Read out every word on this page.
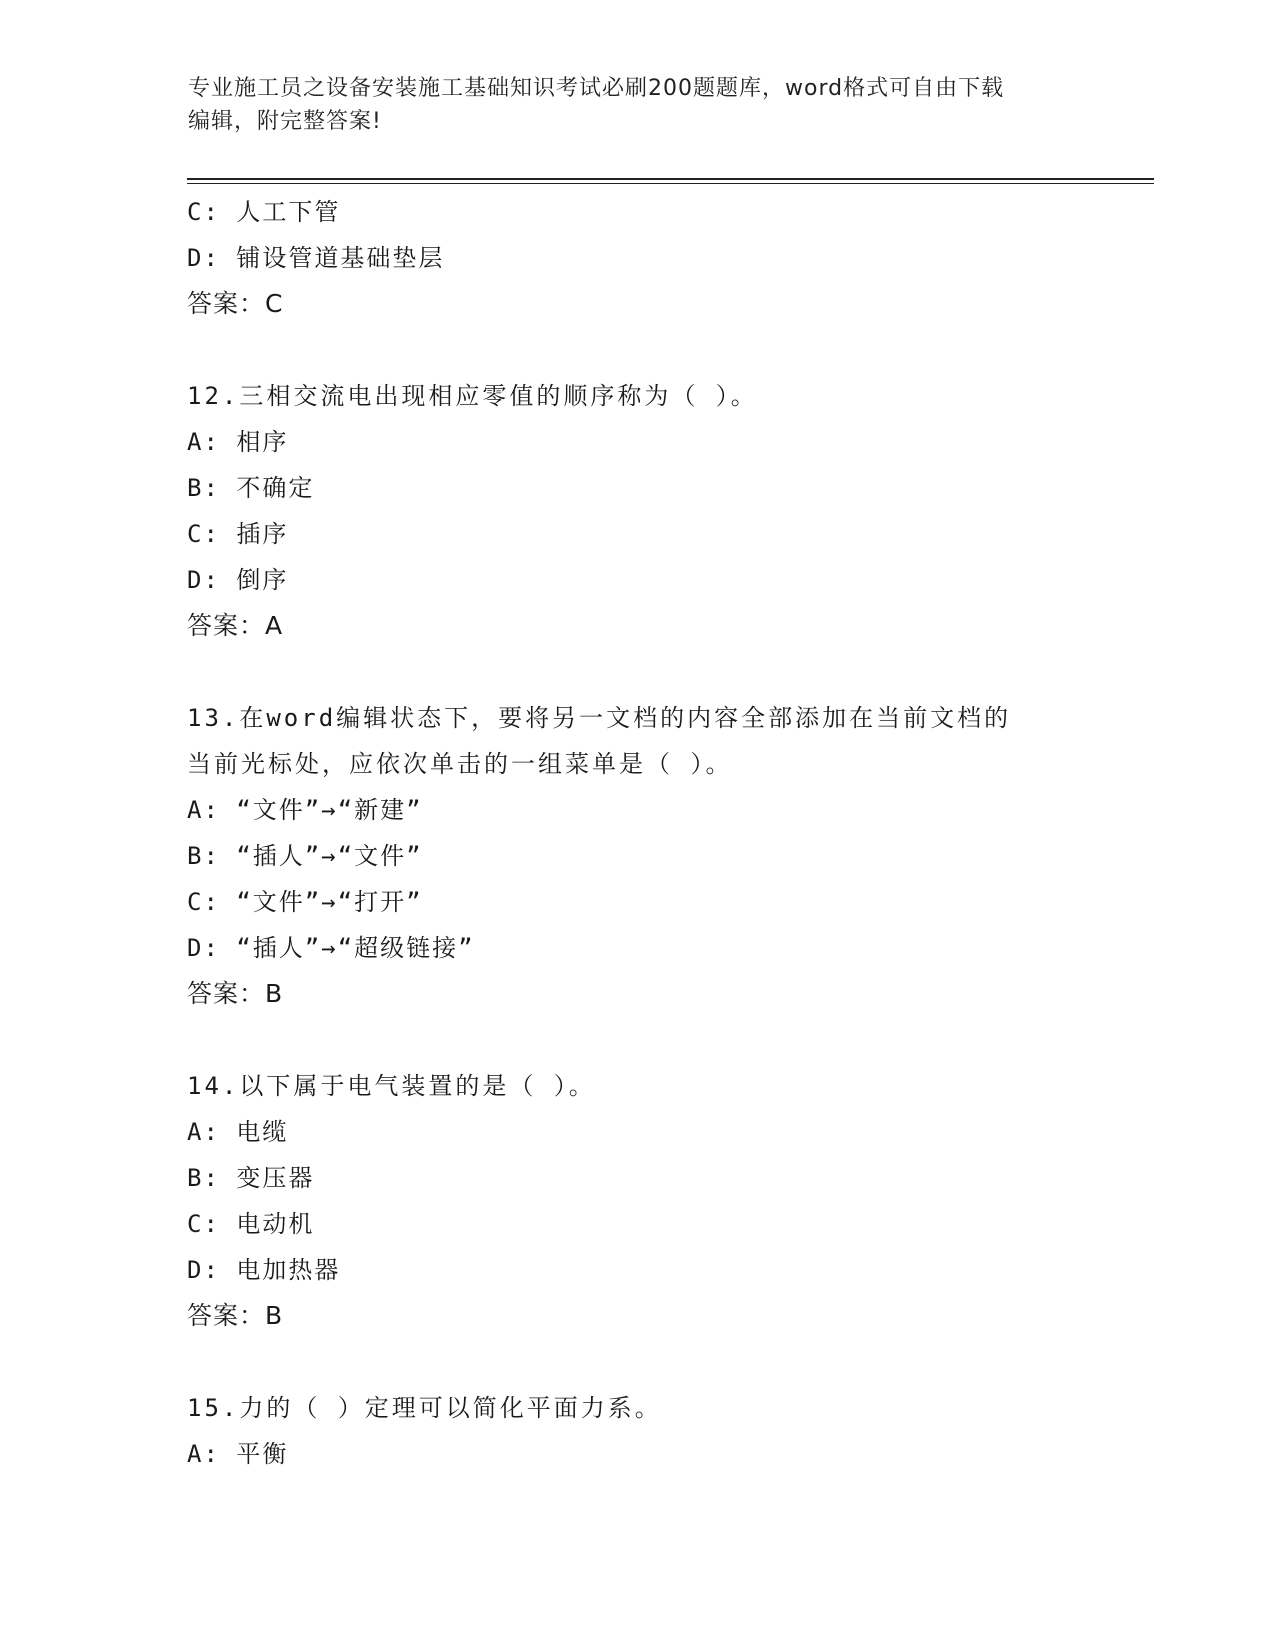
专业施工员之设备安装施工基础知识考试必刷200题题库，word格式可自由下载
编辑，附完整答案!
C: 人工下管
D: 铺设管道基础垫层
答案：C
12.三相交流电出现相应零值的顺序称为（ ）。
A: 相序
B: 不确定
C: 插序
D: 倒序
答案：A
13.在word编辑状态下，要将另一文档的内容全部添加在当前文档的
当前光标处，应依次单击的一组菜单是（ ）。
A: “文件”→“新建”
B: “插人”→“文件”
C: “文件”→“打开”
D: “插人”→“超级链接”
答案：B
14.以下属于电气装置的是（ ）。
A: 电缆
B: 变压器
C: 电动机
D: 电加热器
答案：B
15.力的（ ）定理可以简化平面力系。
A: 平衡
